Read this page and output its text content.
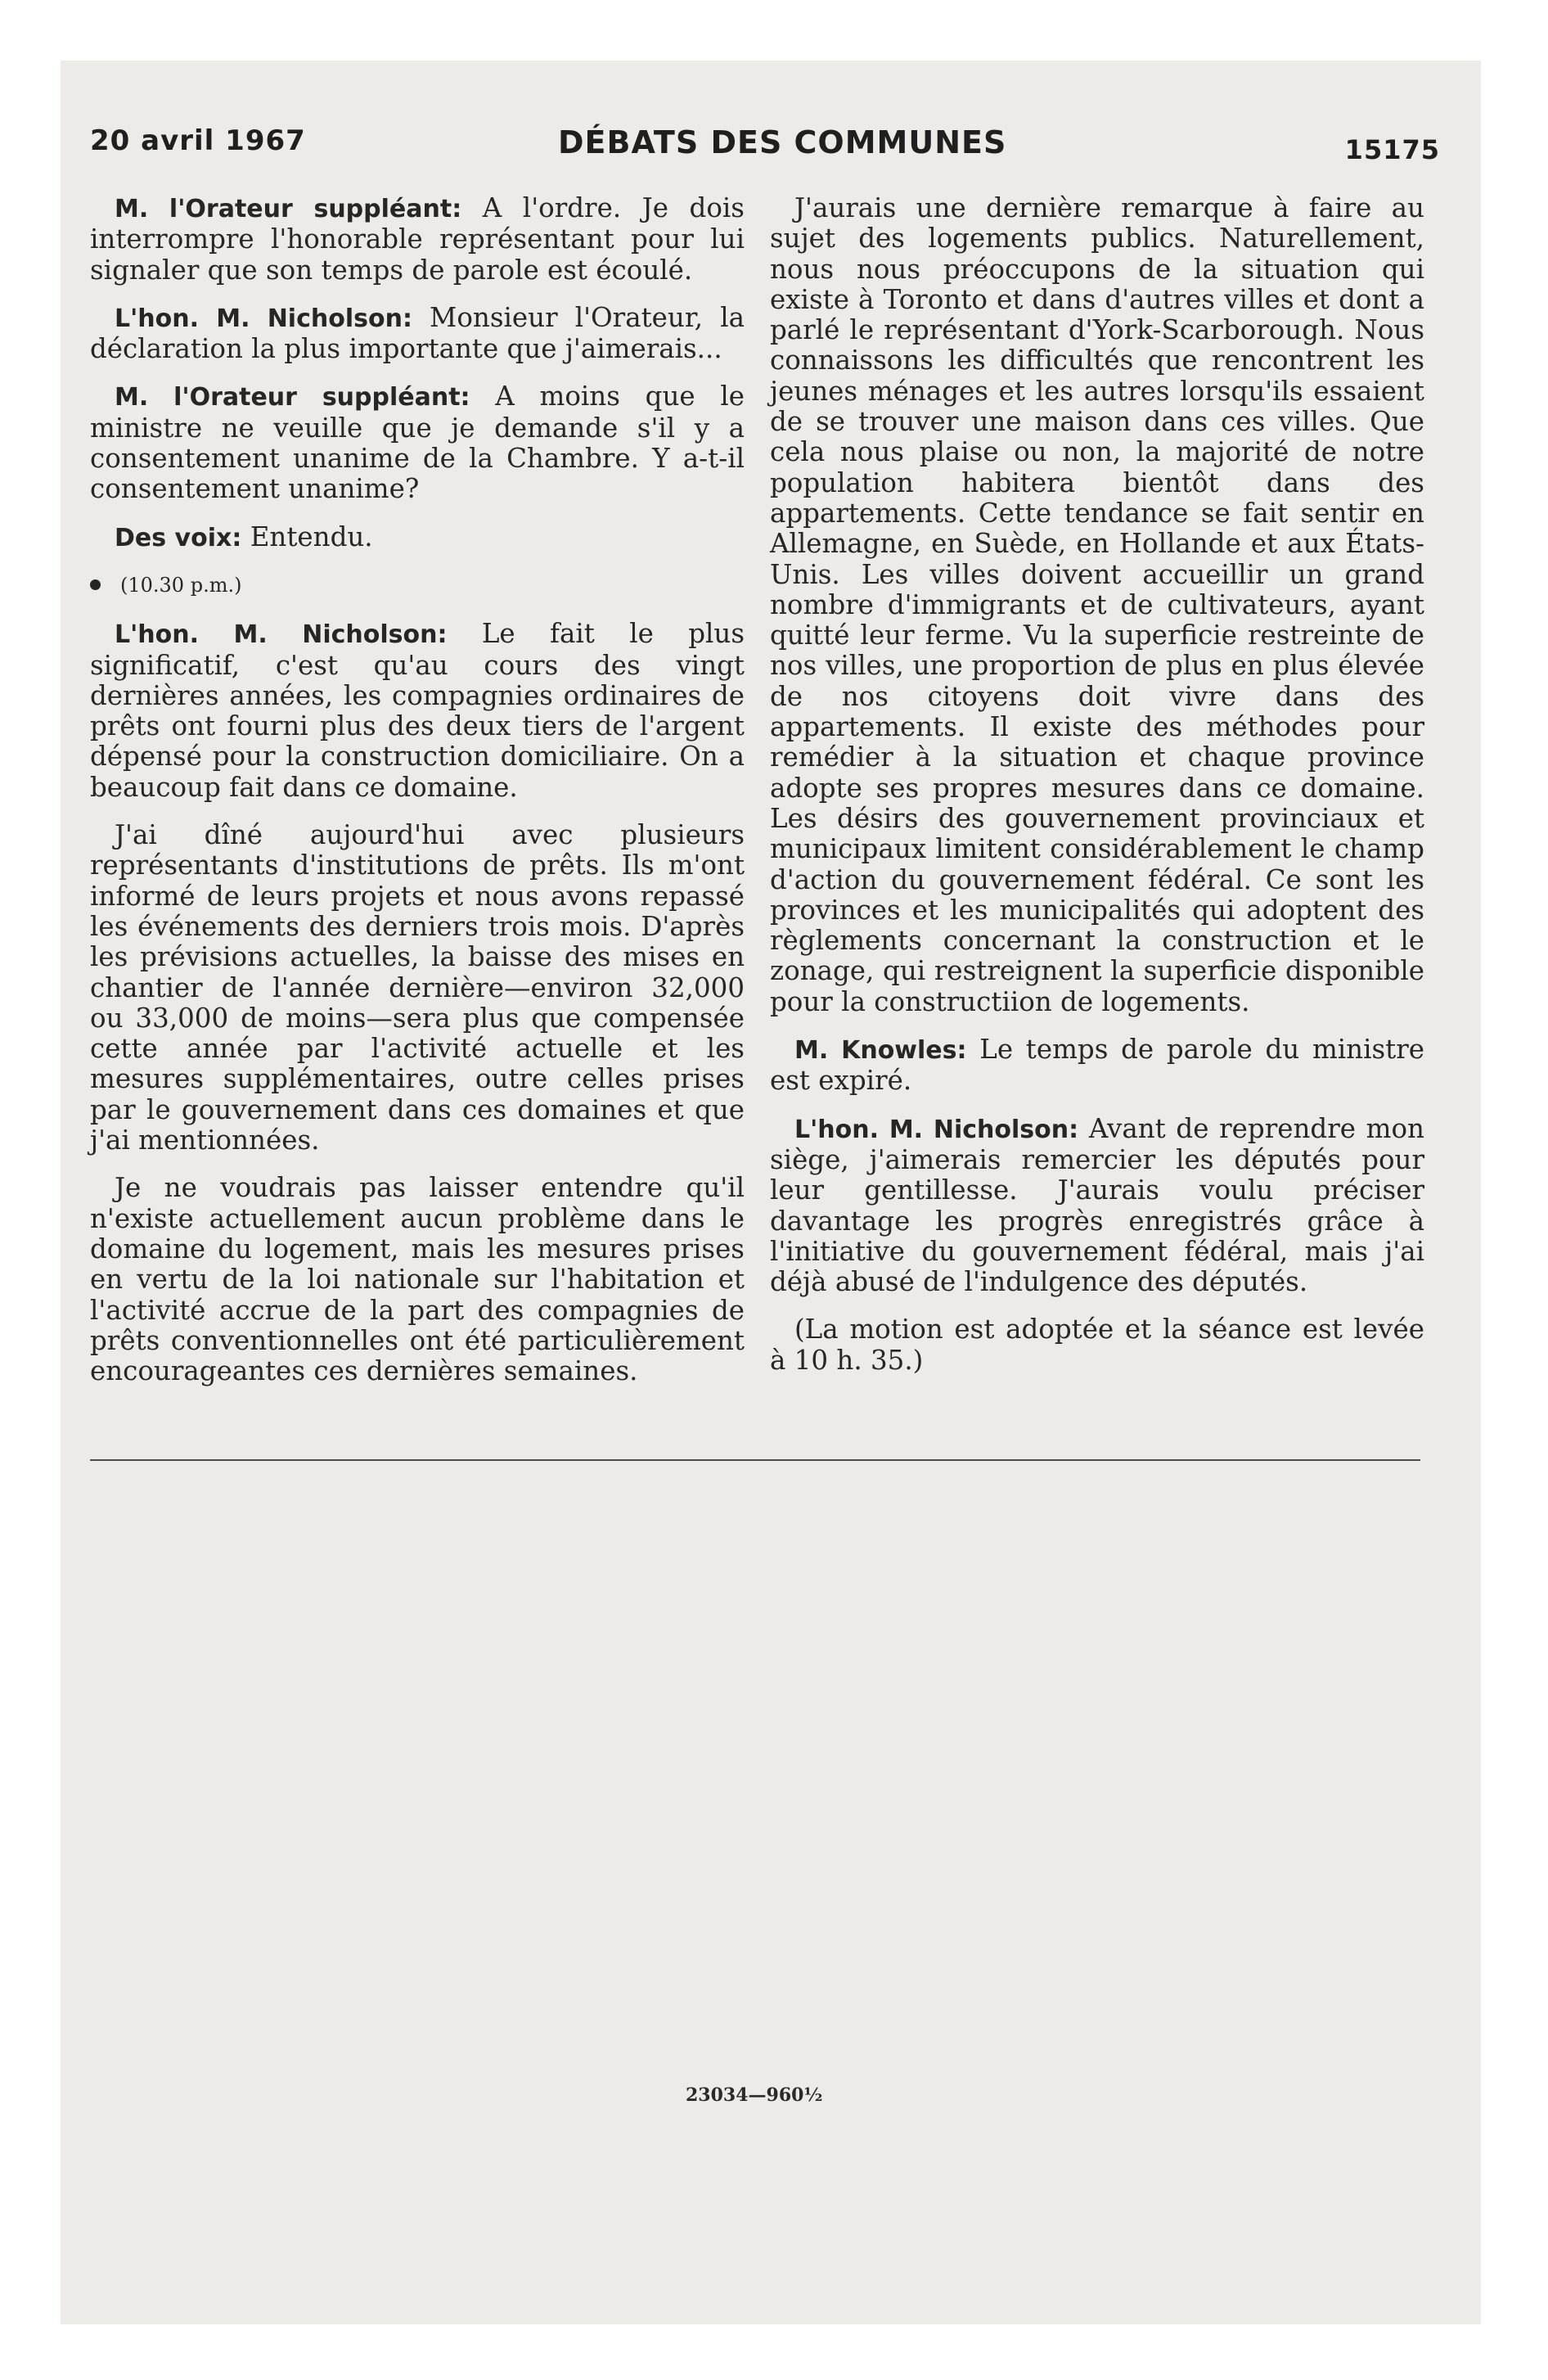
20 avril 1967	DÉBATS DES COMMUNES	15175

M. l'Orateur suppléant: A l'ordre. Je dois interrompre l'honorable représentant pour lui signaler que son temps de parole est écoulé.

L'hon. M. Nicholson: Monsieur l'Orateur, la déclaration la plus importante que j'aimerais...

M. l'Orateur suppléant: A moins que le ministre ne veuille que je demande s'il y a consentement unanime de la Chambre. Y a-t-il consentement unanime?

Des voix: Entendu.

(10.30 p.m.)

L'hon. M. Nicholson: Le fait le plus significatif, c'est qu'au cours des vingt dernières années, les compagnies ordinaires de prêts ont fourni plus des deux tiers de l'argent dépensé pour la construction domiciliaire. On a beaucoup fait dans ce domaine.

J'ai dîné aujourd'hui avec plusieurs représentants d'institutions de prêts. Ils m'ont informé de leurs projets et nous avons repassé les événements des derniers trois mois. D'après les prévisions actuelles, la baisse des mises en chantier de l'année dernière—environ 32,000 ou 33,000 de moins—sera plus que compensée cette année par l'activité actuelle et les mesures supplémentaires, outre celles prises par le gouvernement dans ces domaines et que j'ai mentionnées.

Je ne voudrais pas laisser entendre qu'il n'existe actuellement aucun problème dans le domaine du logement, mais les mesures prises en vertu de la loi nationale sur l'habitation et l'activité accrue de la part des compagnies de prêts conventionnelles ont été particulièrement encourageantes ces dernières semaines.

J'aurais une dernière remarque à faire au sujet des logements publics. Naturellement, nous nous préoccupons de la situation qui existe à Toronto et dans d'autres villes et dont a parlé le représentant d'York-Scarborough. Nous connaissons les difficultés que rencontrent les jeunes ménages et les autres lorsqu'ils essaient de se trouver une maison dans ces villes. Que cela nous plaise ou non, la majorité de notre population habitera bientôt dans des appartements. Cette tendance se fait sentir en Allemagne, en Suède, en Hollande et aux États-Unis. Les villes doivent accueillir un grand nombre d'immigrants et de cultivateurs, ayant quitté leur ferme. Vu la superficie restreinte de nos villes, une proportion de plus en plus élevée de nos citoyens doit vivre dans des appartements. Il existe des méthodes pour remédier à la situation et chaque province adopte ses propres mesures dans ce domaine. Les désirs des gouvernement provinciaux et municipaux limitent considérablement le champ d'action du gouvernement fédéral. Ce sont les provinces et les municipalités qui adoptent des règlements concernant la construction et le zonage, qui restreignent la superficie disponible pour la constructiion de logements.

M. Knowles: Le temps de parole du ministre est expiré.

L'hon. M. Nicholson: Avant de reprendre mon siège, j'aimerais remercier les députés pour leur gentillesse. J'aurais voulu préciser davantage les progrès enregistrés grâce à l'initiative du gouvernement fédéral, mais j'ai déjà abusé de l'indulgence des députés.

(La motion est adoptée et la séance est levée à 10 h. 35.)

23034—960½
